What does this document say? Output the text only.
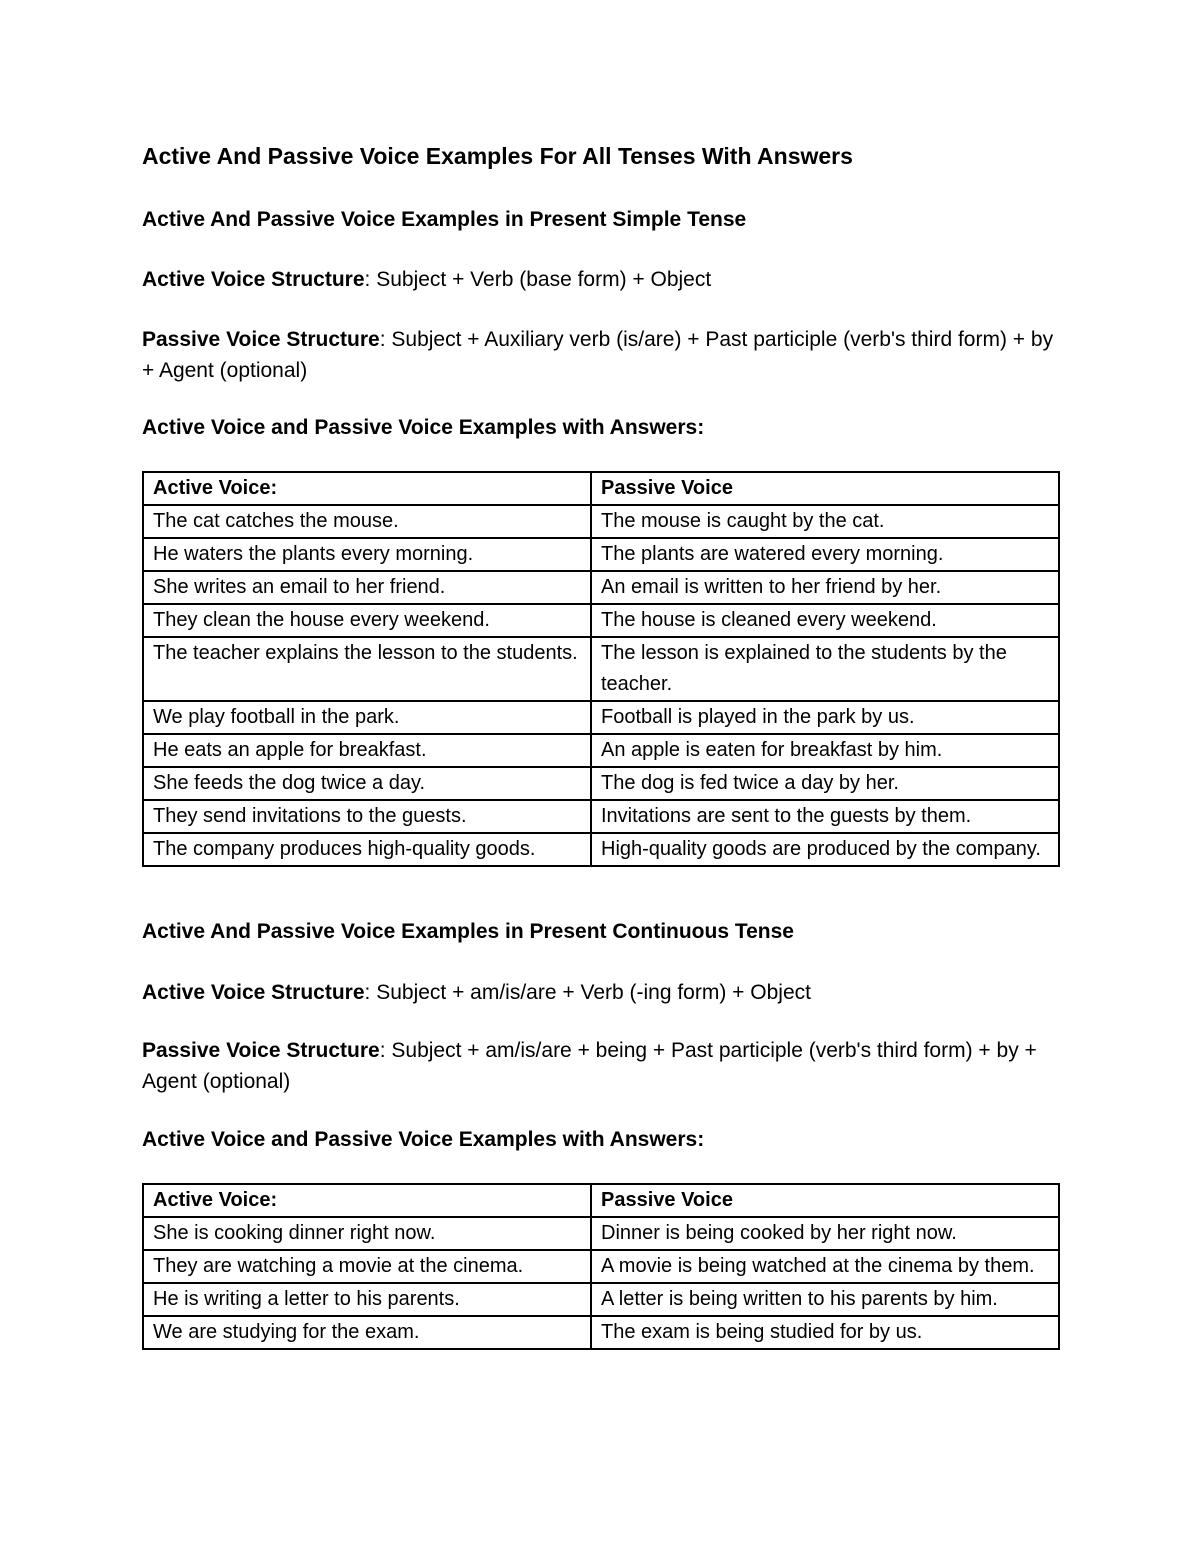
Active And Passive Voice Examples For All Tenses With Answers
Active And Passive Voice Examples in Present Simple Tense
Active Voice Structure: Subject + Verb (base form) + Object
Passive Voice Structure: Subject + Auxiliary verb (is/are) + Past participle (verb's third form) + by + Agent (optional)
Active Voice and Passive Voice Examples with Answers:
Active Voice:	Passive Voice
The cat catches the mouse.	The mouse is caught by the cat.
He waters the plants every morning.	The plants are watered every morning.
She writes an email to her friend.	An email is written to her friend by her.
They clean the house every weekend.	The house is cleaned every weekend.
The teacher explains the lesson to the students.	The lesson is explained to the students by the teacher.
We play football in the park.	Football is played in the park by us.
He eats an apple for breakfast.	An apple is eaten for breakfast by him.
She feeds the dog twice a day.	The dog is fed twice a day by her.
They send invitations to the guests.	Invitations are sent to the guests by them.
The company produces high-quality goods.	High-quality goods are produced by the company.
Active And Passive Voice Examples in Present Continuous Tense
Active Voice Structure: Subject + am/is/are + Verb (-ing form) + Object
Passive Voice Structure: Subject + am/is/are + being + Past participle (verb's third form) + by + Agent (optional)
Active Voice and Passive Voice Examples with Answers:
Active Voice:	Passive Voice
She is cooking dinner right now.	Dinner is being cooked by her right now.
They are watching a movie at the cinema.	A movie is being watched at the cinema by them.
He is writing a letter to his parents.	A letter is being written to his parents by him.
We are studying for the exam.	The exam is being studied for by us.
